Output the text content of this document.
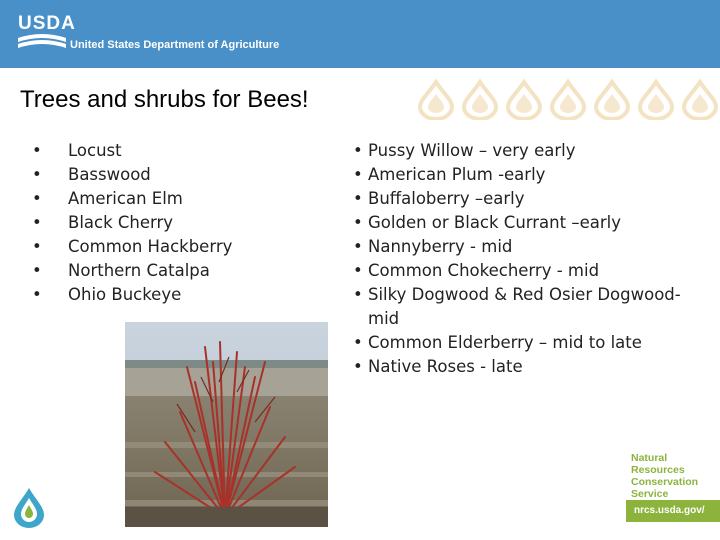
USDA
United States Department of Agriculture
Trees and shrubs for Bees!
• Locust
• Basswood
• American Elm
• Black Cherry
• Common Hackberry
• Northern Catalpa
• Ohio Buckeye
• Pussy Willow – very early
• American Plum -early
• Buffaloberry –early
• Golden or Black Currant –early
• Nannyberry - mid
• Common Chokecherry - mid
• Silky Dogwood & Red Osier Dogwood-
mid
• Common Elderberry – mid to late
• Native Roses - late
Natural
Resources
Conservation
Service
nrcs.usda.gov/
